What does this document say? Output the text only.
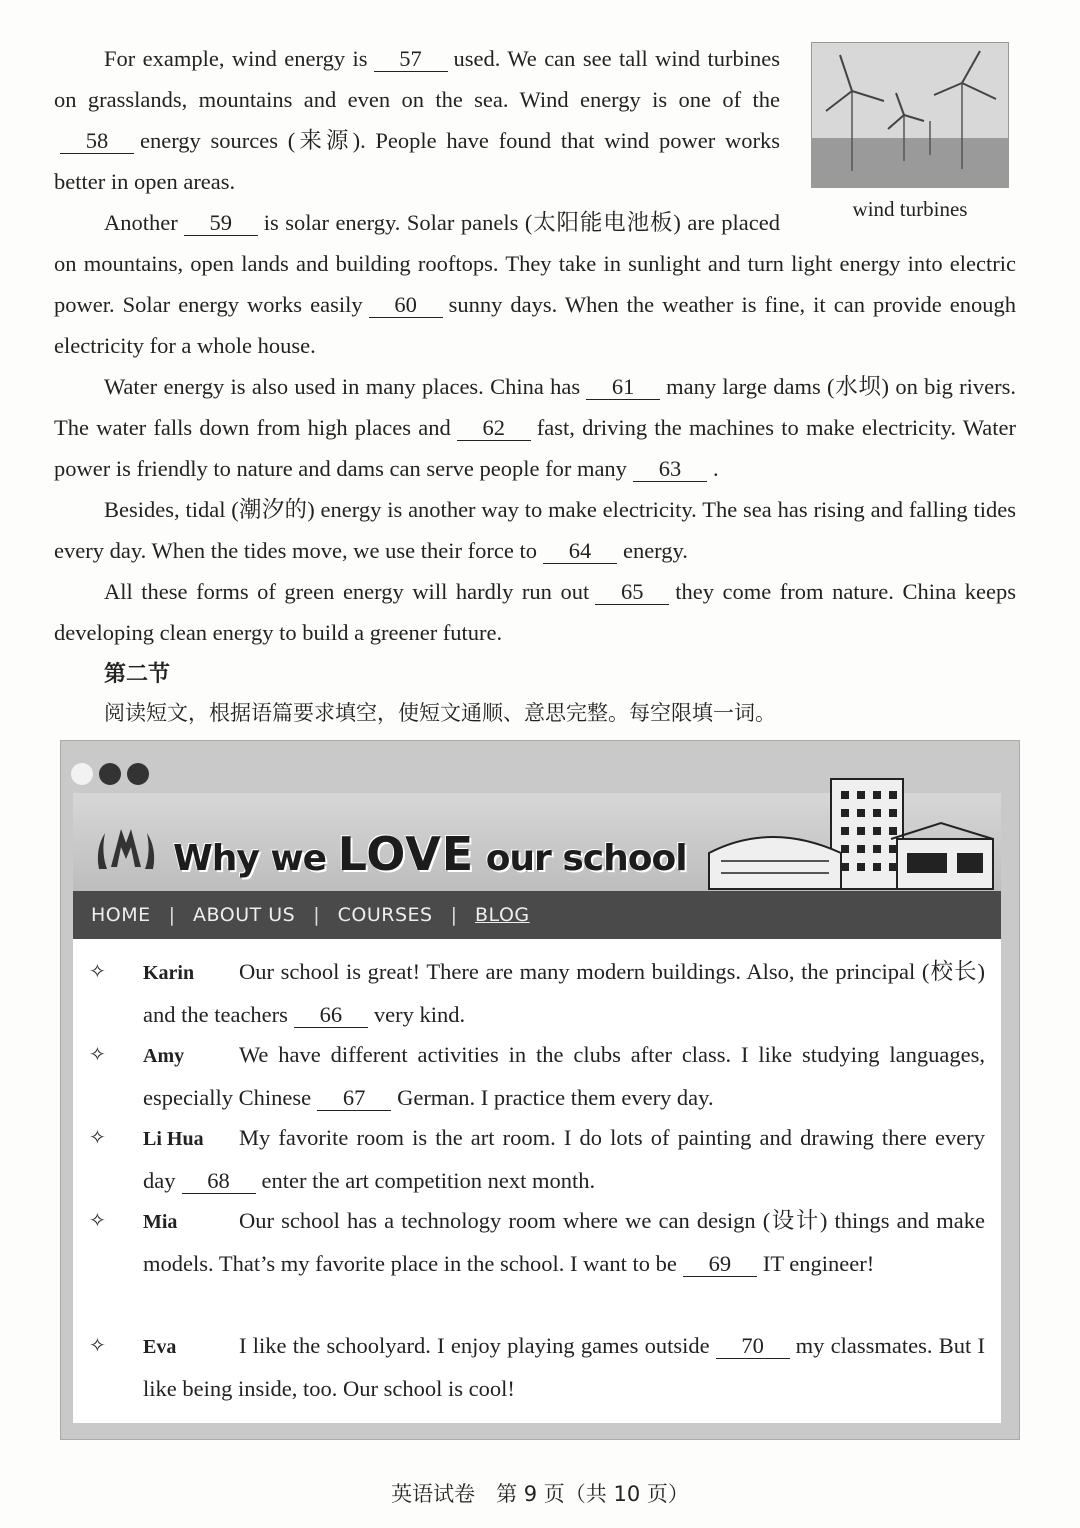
wind turbines

For example, wind energy is 57 used. We can see tall wind turbines on grasslands, mountains and even on the sea. Wind energy is one of the58 energy sources (来源). People have found that wind power works better in open areas.

Another 59 is solar energy. Solar panels (太阳能电池板) are placed on mountains, open lands and building rooftops. They take in sunlight and turn light energy into electric power. Solar energy works easily 60 sunny days. When the weather is fine, it can provide enough electricity for a whole house.

Water energy is also used in many places. China has 61 many large dams (水坝) on big rivers. The water falls down from high places and 62 fast, driving the machines to make electricity. Water power is friendly to nature and dams can serve people for many 63 .

Besides, tidal (潮汐的) energy is another way to make electricity. The sea has rising and falling tides every day. When the tides move, we use their force to 64 energy.

All these forms of green energy will hardly run out 65 they come from nature. China keeps developing clean energy to build a greener future.

第二节
阅读短文，根据语篇要求填空，使短文通顺、意思完整。每空限填一词。
Why we LOVE our school
HOME | ABOUT US | COURSES | BLOG
✧ Karin Our school is great! There are many modern buildings. Also, the principal (校长) and the teachers 66 very kind.
✧ Amy We have different activities in the clubs after class. I like studying languages, especially Chinese 67 German. I practice them every day.
✧ Li Hua My favorite room is the art room. I do lots of painting and drawing there every day 68 enter the art competition next month.
✧ Mia	Our school has a technology room where we can design (设计) things and make models. That’s my favorite place in the school. I want to be 69 IT engineer!
✧ Eva	I like the schoolyard. I enjoy playing games outside 70 my classmates. But I like being inside, too. Our school is cool!
英语试卷　第 9 页（共 10 页）
